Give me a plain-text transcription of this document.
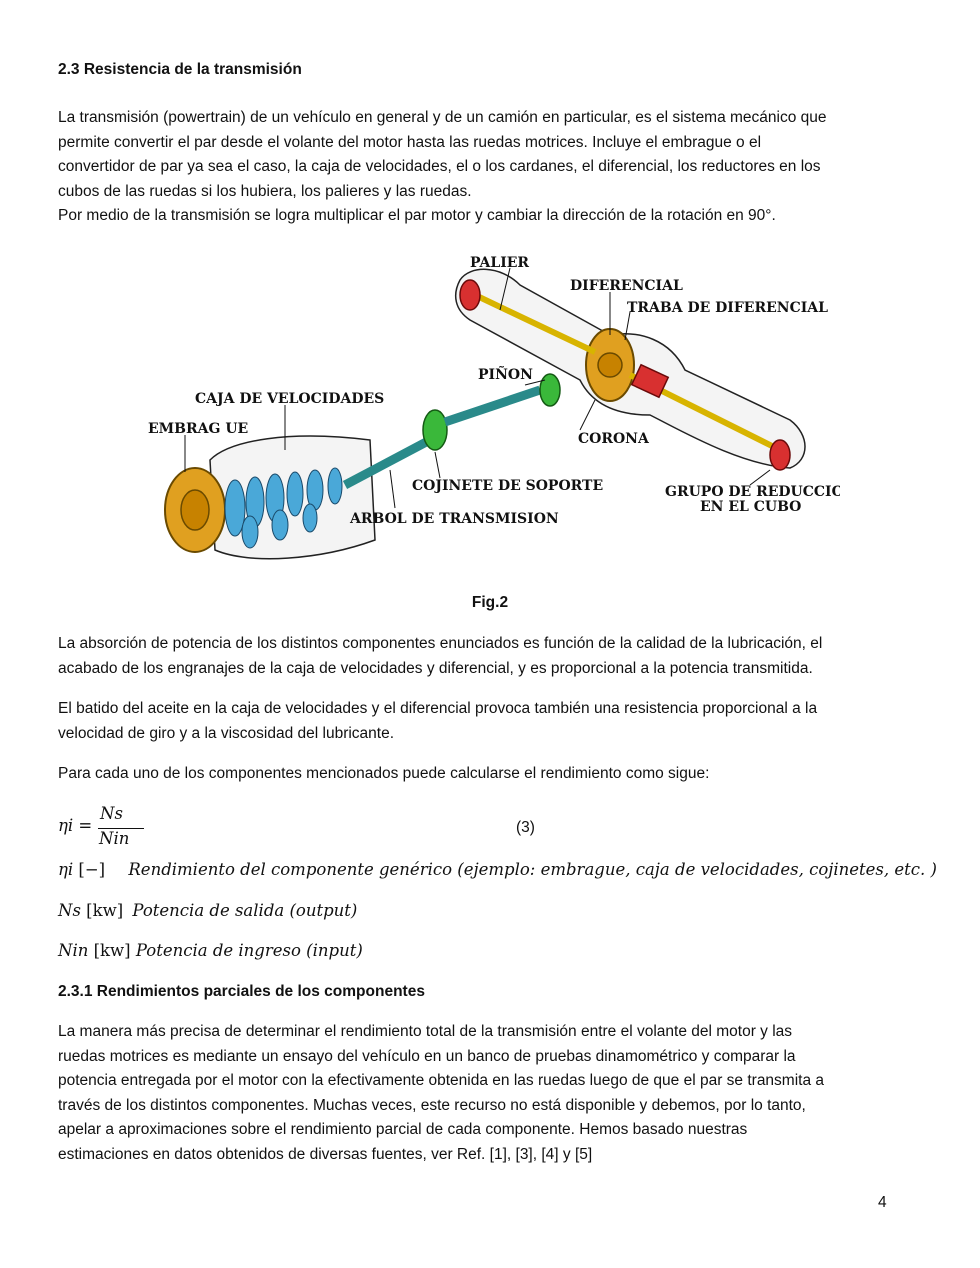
2.3 Resistencia de la transmisión
La transmisión (powertrain) de un vehículo en general y de un camión en particular, es el sistema mecánico que
permite convertir el par desde el volante del motor hasta las ruedas motrices. Incluye el embrague o el
convertidor de par ya sea el caso, la caja de velocidades, el o los cardanes, el diferencial, los reductores en los
cubos de las ruedas si los hubiera, los palieres y las ruedas.
Por medio de la transmisión se logra multiplicar el par motor y cambiar la dirección de la rotación en 90°.
PALIER
DIFERENCIAL
TRABA DE DIFERENCIAL
PIÑON
CAJA DE VELOCIDADES
EMBRAG UE
CORONA
COJINETE DE SOPORTE	GRUPO DE REDUCCION
EN EL CUBO
ARBOL DE TRANSMISION
Fig.2
La absorción de potencia de los distintos componentes enunciados es función de la calidad de la lubricación, el
acabado de los engranajes de la caja de velocidades y diferencial, y es proporcional a la potencia transmitida.
El batido del aceite en la caja de velocidades y el diferencial provoca también una resistencia proporcional a la
velocidad de giro y a la viscosidad del lubricante.
Para cada uno de los componentes mencionados puede calcularse el rendimiento como sigue:
ηi =
Ns
Nin
(3)
ηi [−] Rendimiento del componente genérico (ejemplo: embrague, caja de velocidades, cojinetes, etc. )
Ns [kw] Potencia de salida (output)
Nin [kw] Potencia de ingreso (input)
2.3.1 Rendimientos parciales de los componentes
La manera más precisa de determinar el rendimiento total de la transmisión entre el volante del motor y las
ruedas motrices es mediante un ensayo del vehículo en un banco de pruebas dinamométrico y comparar la
potencia entregada por el motor con la efectivamente obtenida en las ruedas luego de que el par se transmita a
través de los distintos componentes. Muchas veces, este recurso no está disponible y debemos, por lo tanto,
apelar a aproximaciones sobre el rendimiento parcial de cada componente. Hemos basado nuestras
estimaciones en datos obtenidos de diversas fuentes, ver Ref. [1], [3], [4] y [5]
4
